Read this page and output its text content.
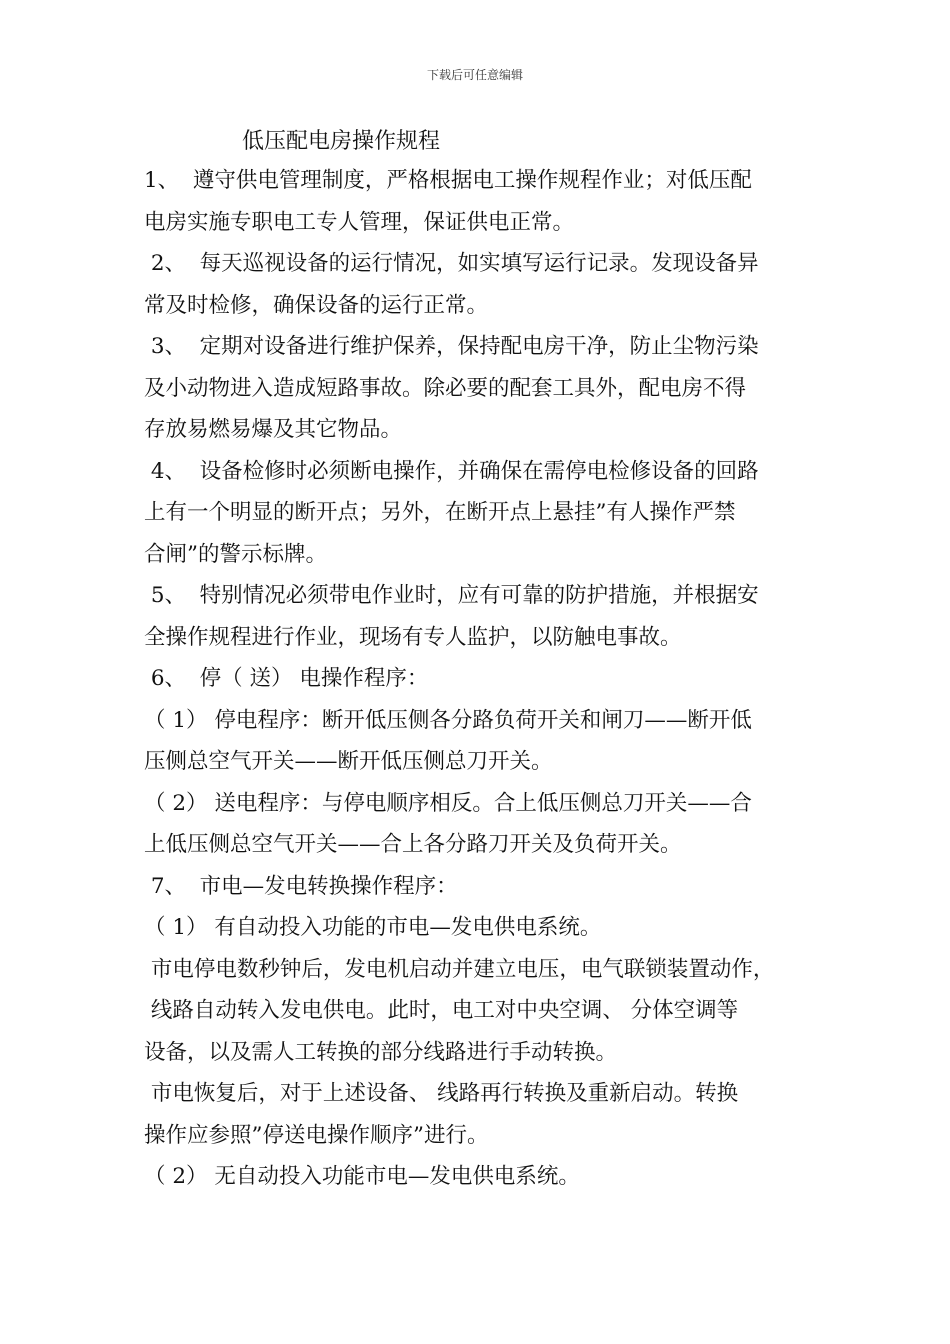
下载后可任意编辑
低压配电房操作规程
1、  遵守供电管理制度，严格根据电工操作规程作业；对低压配
电房实施专职电工专人管理，保证供电正常。
2、  每天巡视设备的运行情况，如实填写运行记录。发现设备异
常及时检修，确保设备的运行正常。
3、  定期对设备进行维护保养，保持配电房干净，防止尘物污染
及小动物进入造成短路事故。除必要的配套工具外，配电房不得
存放易燃易爆及其它物品。
4、  设备检修时必须断电操作，并确保在需停电检修设备的回路
上有一个明显的断开点；另外，在断开点上悬挂”有人操作严禁
合闸”的警示标牌。
5、  特别情况必须带电作业时，应有可靠的防护措施，并根据安
全操作规程进行作业，现场有专人监护，以防触电事故。
6、  停（ 送） 电操作程序：
（ 1） 停电程序：断开低压侧各分路负荷开关和闸刀——断开低
压侧总空气开关——断开低压侧总刀开关。
（ 2） 送电程序：与停电顺序相反。合上低压侧总刀开关——合
上低压侧总空气开关——合上各分路刀开关及负荷开关。
7、  市电—发电转换操作程序：
（ 1） 有自动投入功能的市电—发电供电系统。
市电停电数秒钟后，发电机启动并建立电压，电气联锁装置动作，
线路自动转入发电供电。此时，电工对中央空调、 分体空调等
设备，以及需人工转换的部分线路进行手动转换。
市电恢复后，对于上述设备、 线路再行转换及重新启动。转换
操作应参照”停送电操作顺序”进行。
（ 2） 无自动投入功能市电—发电供电系统。
